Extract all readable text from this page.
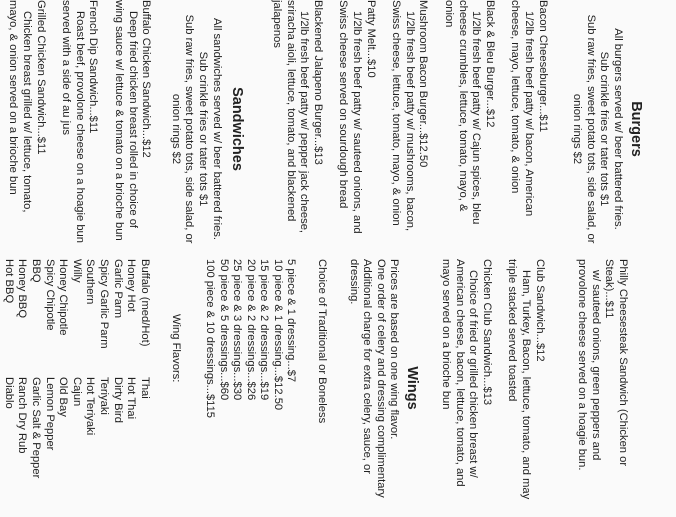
Burgers

All burgers served w/ beer battered fries.

Sub crinkle fries or tater tots $1

Sub raw fries, sweet potato tots, side salad, or

onion rings $2

Bacon Cheeseburger...$11

1/2lb fresh beef patty w/ bacon, American

cheese, mayo, lettuce, tomato, & onion

Black & Bleu Burger...$12

1/2lb fresh beef patty w/ Cajun spices, bleu

cheese crumbles, lettuce, tomato, mayo, &

onion

Mushroom Bacon Burger...$12.50

1/2lb fresh beef patty w/ mushrooms, bacon,

Swiss cheese, lettuce, tomato, mayo, & onion

Patty Melt...$10

1/2lb fresh beef patty w/ sauteed onions, and

Swiss cheese served on sourdough bread

Blackened Jalapeno Burger...$13

1/2lb fresh beef patty w/ pepper jack cheese,

sriracha aioli, lettuce, tomato, and blackened

jalapenos

Sandwiches

All sandwiches served w/ beer battered fries.

Sub crinkle fries or tater tots $1

Sub raw fries, sweet potato tots, side salad, or

onion rings $2

Buffalo Chicken Sandwich...$12

Deep fried chicken breast rolled in choice of

wing sauce w/ lettuce & tomato on a brioche bun

French Dip Sandwich...$11

Roast beef, provolone cheese on a hoagie bun

served with a side of au jus

Grilled Chicken Sandwich...$11

Chicken breast grilled w/ lettuce, tomato,

mayo, & onion served on a brioche bun

Philly Cheesesteak Sandwich (Chicken or

Steak)...$11

w/ sauteed onions, green peppers and

provolone cheese served on a hoagie bun.

Club Sandwich...$12

Ham, Turkey, Bacon, lettuce, tomato, and may

triple stacked served toasted

Chicken Club Sandwich...$13

Choice of fried or grilled chicken breast w/

American cheese, bacon, lettuce, tomato, and

mayo served on a brioche bun

Wings

Prices are based on one wing flavor.

One order of celery and dressing complimentary

Additional charge for extra celery, sauce, or

dressing.

Choice of Traditional or Boneless

5 piece & 1 dressing...$7

10 piece & 1 dressing...$12.50

15 piece & 2 dressings...$19

20 piece & 2 dressings...$26

25 piece & 3 dressings...$30

50 piece & 5 dressings...$60

100 piece & 10 dressings...$115

Wing Flavors:

Buffalo (med/Hot)

Honey Hot

Garlic Parm

Spicy Garlic Parm

Southern

Willy

Honey Chipotle

Spicy Chipotle

BBQ

Honey BBQ

Hot BBQ

Thai

Hot Thai

Dirty Bird

Teriyaki

Hot Teriyaki

Cajun

Old Bay

Lemon Pepper

Garlic Salt & Pepper

Ranch Dry Rub

Diablo
